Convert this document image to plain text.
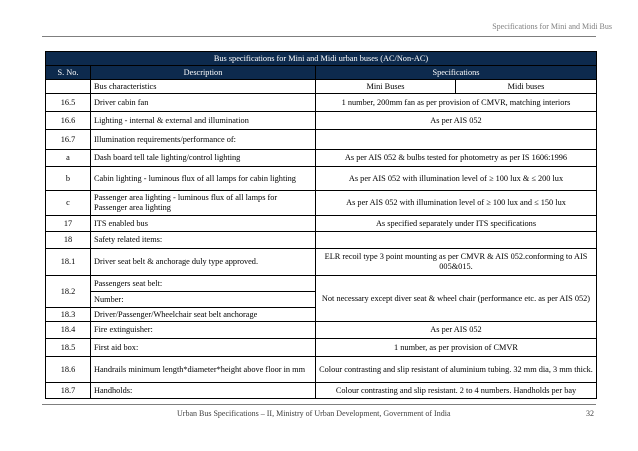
Specifications for Mini and Midi Bus
Bus specifications for Mini and Midi urban buses (AC/Non-AC)			
S. No.	Description	Specifications	
	Bus characteristics	Mini Buses	Midi buses
16.5	Driver cabin fan	1 number, 200mm fan as per provision of CMVR, matching interiors	
16.6	Lighting - internal & external and illumination	As per AIS 052	
16.7	Illumination requirements/performance of:		
a	Dash board tell tale lighting/control lighting	As per AIS 052 & bulbs tested for photometry as per IS 1606:1996	
b	Cabin lighting - luminous flux of all lamps for cabin lighting	As per AIS 052 with illumination level of ≥ 100 lux & ≤ 200 lux	
c	Passenger area lighting - luminous flux of all lamps for Passenger area lighting	As per AIS 052 with illumination level of ≥ 100 lux and ≤ 150 lux	
17	ITS enabled bus	As specified separately under ITS specifications	
18	Safety related items:		
18.1	Driver seat belt & anchorage duly type approved.	ELR recoil type 3 point mounting as per CMVR & AIS 052.conforming to AIS 005&015.	
18.2	Passengers seat belt:	Not necessary except diver seat & wheel chair (performance etc. as per AIS 052)	
	Number:		
18.3	Driver/Passenger/Wheelchair seat belt anchorage		
18.4	Fire extinguisher:	As per AIS 052	
18.5	First aid box:	1 number, as per provision of CMVR	
18.6	Handrails minimum length*diameter*height above floor in mm	Colour contrasting and slip resistant of aluminium tubing. 32 mm dia, 3 mm thick.	
18.7	Handholds:	Colour contrasting and slip resistant. 2 to 4 numbers. Handholds per bay	
Urban Bus Specifications – II, Ministry of Urban Development, Government of India	32
